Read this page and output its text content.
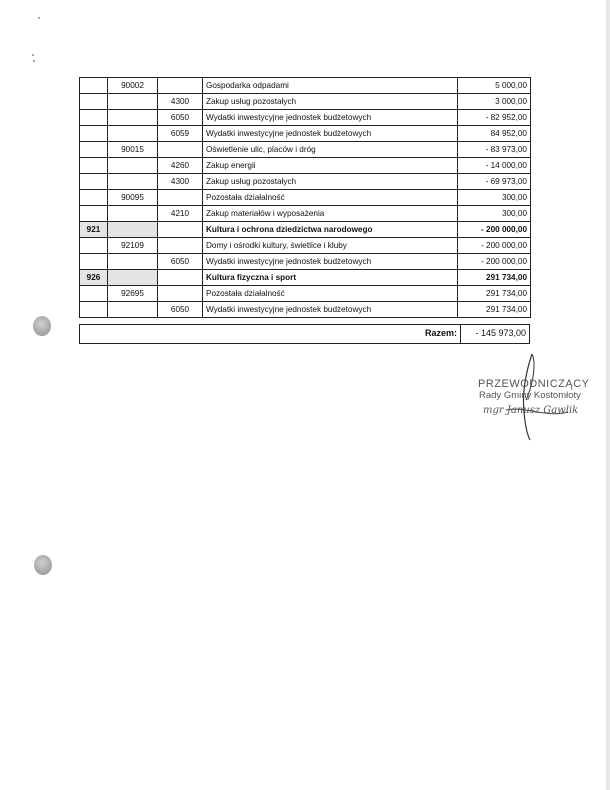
	90002		Gospodarka odpadami	5 000,00
		4300	Zakup usług pozostałych	3 000,00
		6050	Wydatki inwestycyjne jednostek budżetowych	- 82 952,00
		6059	Wydatki inwestycyjne jednostek budżetowych	84 952,00
	90015		Oświetlenie ulic, placów i dróg	- 83 973,00
		4260	Zakup energii	- 14 000,00
		4300	Zakup usług pozostałych	- 69 973,00
	90095		Pozostała działalność	300,00
		4210	Zakup materiałów i wyposażenia	300,00
921			Kultura i ochrona dziedzictwa narodowego	- 200 000,00
	92109		Domy i ośrodki kultury, świetlice i kluby	- 200 000,00
		6050	Wydatki inwestycyjne jednostek budżetowych	- 200 000,00
926			Kultura fizyczna i sport	291 734,00
	92695		Pozostała działalność	291 734,00
		6050	Wydatki inwestycyjne jednostek budżetowych	291 734,00
Razem: - 145 973,00
PRZEWODNICZĄCY
Rady Gminy Kostomłoty
mgr Janusz Gawlik
